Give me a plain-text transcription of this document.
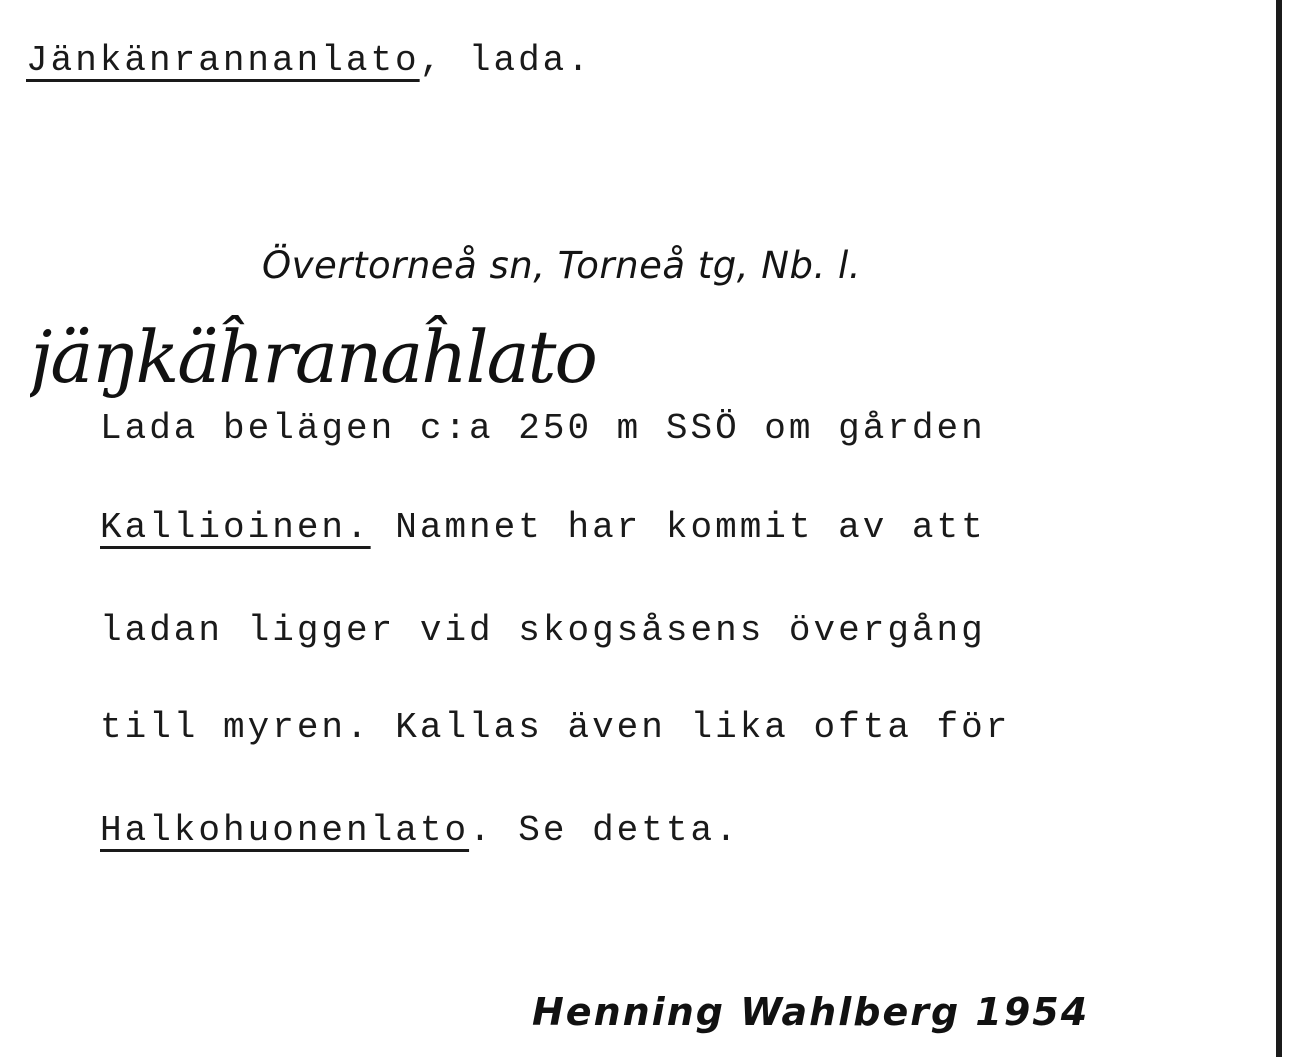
Jänkänrannanlato, lada.
Övertorneå sn, Torneå tg, Nb. l.
jäŋkäĥranaĥlato
Lada belägen c:a 250 m SSÖ om gården
Kallioinen. Namnet har kommit av att
ladan ligger vid skogsåsens övergång
till myren. Kallas även lika ofta för
Halkohuonenlato. Se detta.
Henning Wahlberg 1954
